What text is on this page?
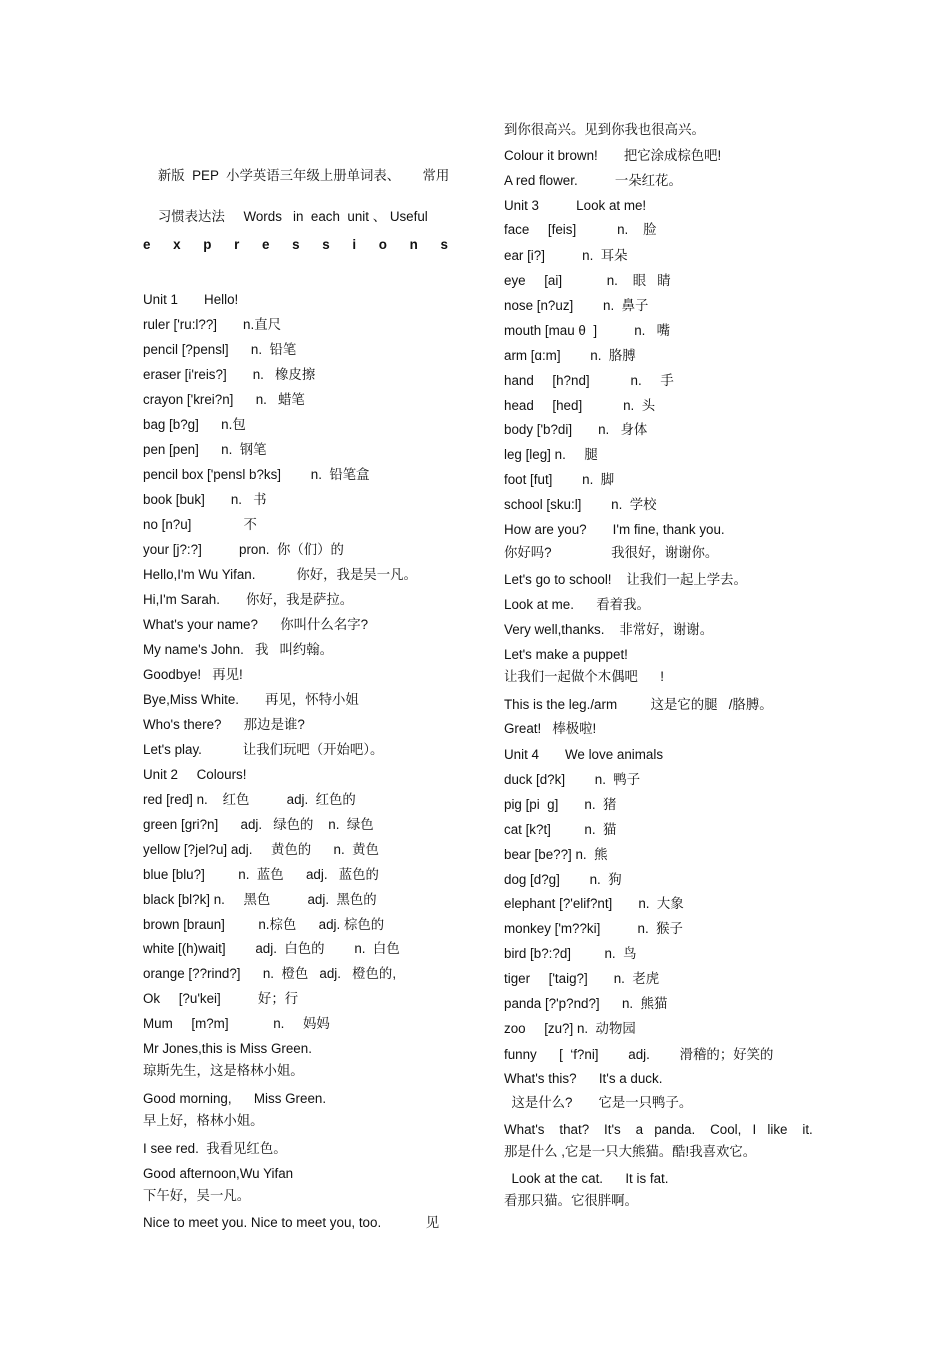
新版  PEP  小学英语三年级上册单词表、      常用

习惯表达法     Words   in  each  unit 、 Useful

e x p r e s s i o n s
Unit 1       Hello!
ruler ['ru:l??]       n.直尺
pencil [?pensl]      n.  铅笔
eraser [i'reis?]       n.   橡皮擦
crayon ['krei?n]      n.   蜡笔
bag [b?g]      n.包
pen [pen]      n.  钢笔
pencil box ['pensl b?ks]        n.  铅笔盒
book [buk]       n.   书
no [n?u]              不
your [j?:?]          pron.  你（们）的
Hello,I'm Wu Yifan.           你好，我是吴一凡。
Hi,I'm Sarah.       你好，我是萨拉。
What's your name?      你叫什么名字?
My name's John.   我   叫约翰。
Goodbye!   再见!
Bye,Miss White.       再见，怀特小姐
Who's there?      那边是谁?
Let's play.           让我们玩吧（开始吧）。
Unit 2     Colours!
red [red] n.    红色          adj.  红色的
green [ɡri?n]      adj.   绿色的    n.  绿色
yellow [?jel?u] adj.     黄色的      n.  黄色
blue [blu?]         n.  蓝色      adj.   蓝色的
black [bl?k] n.     黑色          adj.  黑色的
brown [braun]         n.棕色      adj. 棕色的
white [(h)wait]        adj.  白色的        n.  白色
orange [??rind?]      n.  橙色   adj.   橙色的,
Ok     [?u'kei]          好；行
Mum     [m?m]            n.     妈妈
Mr Jones,this is Miss Green.
琼斯先生，这是格林小姐。
Good morning,      Miss Green.
早上好，格林小姐。
I see red.  我看见红色。
Good afternoon,Wu Yifan
下午好，吴一凡。
Nice to meet you. Nice to meet you, too.            见
到你很高兴。见到你我也很高兴。
Colour it brown!       把它涂成棕色吧!
A red flower.          一朵红花。
Unit 3          Look at me!
face     [feis]           n.    脸
ear [i?]          n.  耳朵
eye     [ai]            n.    眼   睛
nose [n?uz]        n.  鼻子
mouth [mau θ  ]          n.   嘴
arm [ɑ:m]        n.  胳膊
hand     [h?nd]           n.     手
head     [hed]           n.  头
body ['b?di]       n.   身体
leg [leg] n.     腿
foot [fut]        n.  脚
school [sku:l]        n.  学校
How are you?       I'm fine, thank you.
你好吗?                我很好，谢谢你。
Let's go to school!    让我们一起上学去。
Look at me.      看着我。
Very well,thanks.    非常好，谢谢。
Let's make a puppet!
让我们一起做个木偶吧      !
This is the leg./arm         这是它的腿   /胳膊。
Great!   棒极啦!
Unit 4       We love animals
duck [d?k]        n.  鸭子
pig [pi  g]       n.  猪
cat [k?t]         n.  猫
bear [be??] n.  熊
dog [d?g]        n.  狗
elephant [?'elif?nt]       n.  大象
monkey ['m??ki]          n.  猴子
bird [b?:?d]         n.  鸟
tiger     ['taig?]       n.  老虎
panda [?'p?nd?]      n.  熊猫
zoo     [zu?] n.  动物园
funny      [  ‘f?ni]        adj.        滑稽的；好笑的
What's this?      It's a duck.
这是什么?       它是一只鸭子。
What's    that?    It's    a   panda.    Cool,   I   like    it.
那是什么 ,它是一只大熊猫。酷!我喜欢它。
Look at the cat.      It is fat.
看那只猫。它很胖啊。
